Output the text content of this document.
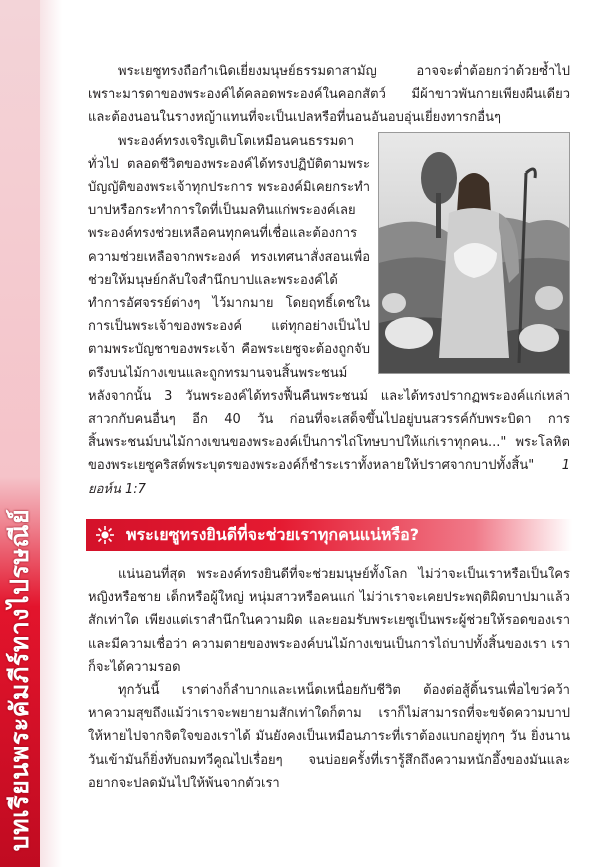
บทเรียนพระคัมภีร์ทางไปรษณีย์

พระเยซูทรงถือกำเนิดเยี่ยงมนุษย์ธรรมดาสามัญ อาจจะต่ำต้อยกว่าด้วยซ้ำไป เพราะมารดาของพระองค์ได้คลอดพระองค์ในคอกสัตว์ มีผ้าขาวพันกายเพียงผืนเดียว และต้องนอนในรางหญ้าแทนที่จะเป็นเปลหรือที่นอนอันอบอุ่นเยี่ยงทารกอื่นๆ

พระองค์ทรงเจริญเติบโตเหมือนคนธรรมดาทั่วไป ตลอดชีวิตของพระองค์ได้ทรงปฏิบัติตามพระบัญญัติของพระเจ้าทุกประการ พระองค์มิเคยกระทำบาปหรือกระทำการใดที่เป็นมลทินแก่พระองค์เลย พระองค์ทรงช่วยเหลือคนทุกคนที่เชื่อและต้องการความช่วยเหลือจากพระองค์ ทรงเทศนาสั่งสอนเพื่อช่วยให้มนุษย์กลับใจสำนึกบาปและพระองค์ได้ทำการอัศจรรย์ต่างๆ ไว้มากมาย โดยฤทธิ์เดชในการเป็นพระเจ้าของพระองค์ แต่ทุกอย่างเป็นไปตามพระบัญชาของพระเจ้า คือพระเยซูจะต้องถูกจับตรึงบนไม้กางเขนและถูกทรมานจนสิ้นพระชนม์ หลังจากนั้น 3 วันพระองค์ได้ทรงฟื้นคืนพระชนม์ และได้ทรงปรากฏพระองค์แก่เหล่าสาวกกับคนอื่นๆ อีก 40 วัน ก่อนที่จะเสด็จขึ้นไปอยู่บนสวรรค์กับพระบิดา การสิ้นพระชนม์บนไม้กางเขนของพระองค์เป็นการไถ่โทษบาปให้แก่เราทุกคน..." พระโลหิตของพระเยซูคริสต์พระบุตรของพระองค์ก็ชำระเราทั้งหลายให้ปราศจากบาปทั้งสิ้น" 1 ยอห์น 1:7

พระเยซูทรงยินดีที่จะช่วยเราทุกคนแน่หรือ?

แน่นอนที่สุด พระองค์ทรงยินดีที่จะช่วยมนุษย์ทั้งโลก ไม่ว่าจะเป็นเราหรือเป็นใคร หญิงหรือชาย เด็กหรือผู้ใหญ่ หนุ่มสาวหรือคนแก่ ไม่ว่าเราจะเคยประพฤติผิดบาปมาแล้วสักเท่าใด เพียงแต่เราสำนึกในความผิด และยอมรับพระเยซูเป็นพระผู้ช่วยให้รอดของเรา และมีความเชื่อว่า ความตายของพระองค์บนไม้กางเขนเป็นการไถ่บาปทั้งสิ้นของเรา เราก็จะได้ความรอด

ทุกวันนี้ เราต่างก็ลำบากและเหน็ดเหนื่อยกับชีวิต ต้องต่อสู้ดิ้นรนเพื่อไขว่คว้าหาความสุขถึงแม้ว่าเราจะพยายามสักเท่าใดก็ตาม เราก็ไม่สามารถที่จะขจัดความบาปให้หายไปจากจิตใจของเราได้ มันยังคงเป็นเหมือนภาระที่เราต้องแบกอยู่ทุกๆ วัน ยิ่งนานวันเข้ามันก็ยิ่งทับถมทวีคูณไปเรื่อยๆ จนบ่อยครั้งที่เรารู้สึกถึงความหนักอึ้งของมันและอยากจะปลดมันไปให้พ้นจากตัวเรา
